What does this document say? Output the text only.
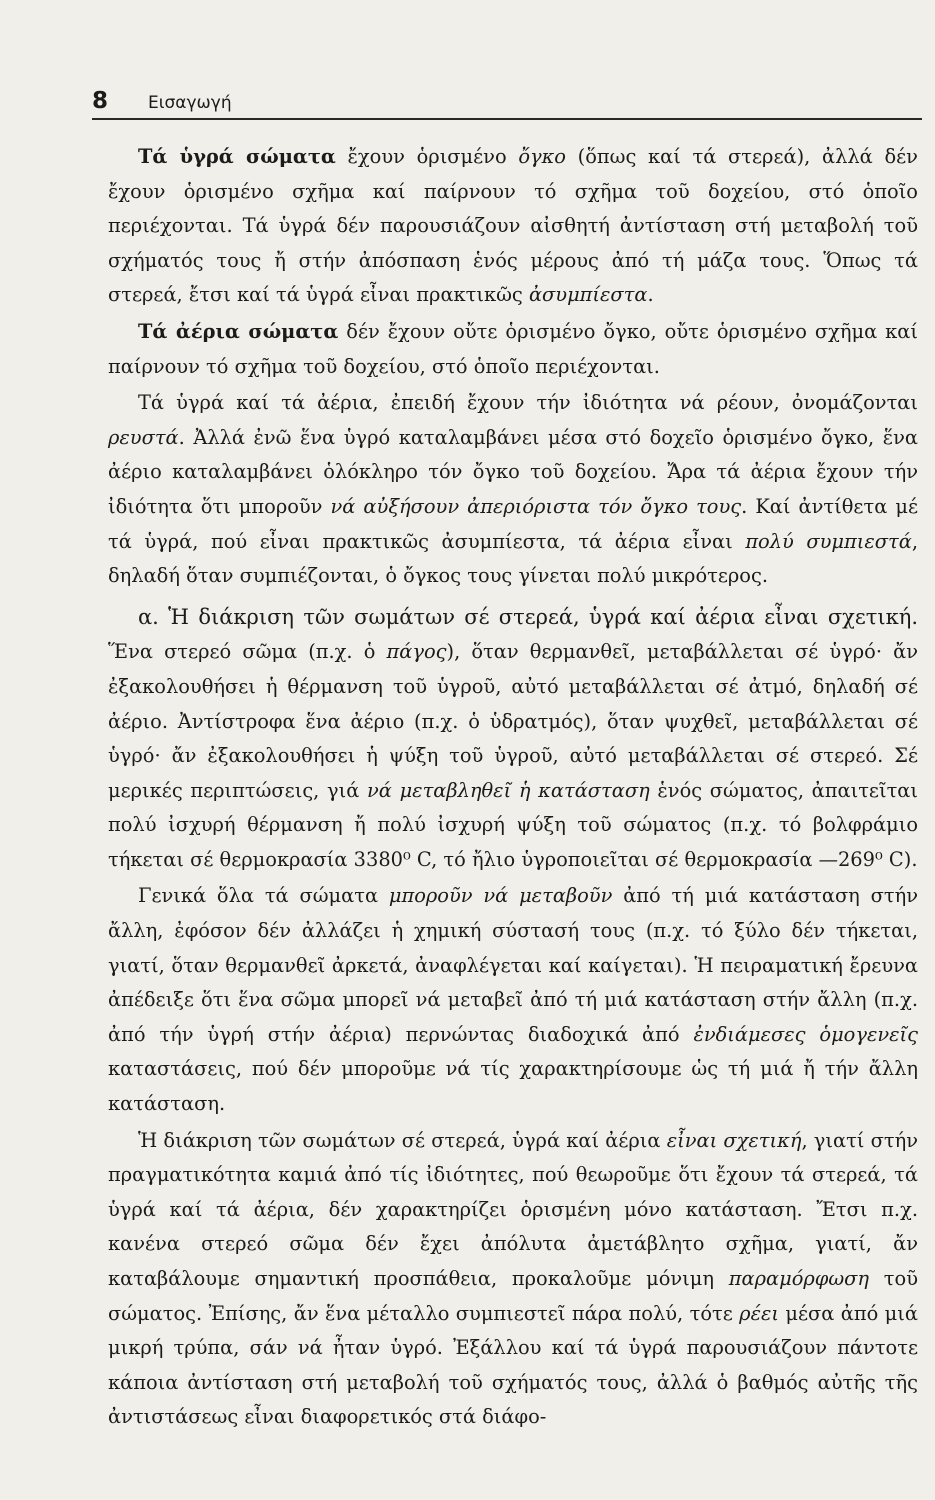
8 Εισαγωγή

Τά ὑγρά σώματα ἔχουν ὁρισμένο ὄγκο (ὅπως καί τά στερεά), ἀλλά δέν ἔχουν ὁρισμένο σχῆμα καί παίρνουν τό σχῆμα τοῦ δοχείου, στό ὁποῖο περιέχονται. Τά ὑγρά δέν παρουσιάζουν αἰσθητή ἀντίσταση στή μεταβολή τοῦ σχήματός τους ἤ στήν ἀπόσπαση ἑνός μέρους ἀπό τή μάζα τους. Ὅπως τά στερεά, ἔτσι καί τά ὑγρά εἶναι πρακτικῶς ἀσυμπίεστα.

Τά ἀέρια σώματα δέν ἔχουν οὔτε ὁρισμένο ὄγκο, οὔτε ὁρισμένο σχῆμα καί παίρνουν τό σχῆμα τοῦ δοχείου, στό ὁποῖο περιέχονται.

Τά ὑγρά καί τά ἀέρια, ἐπειδή ἔχουν τήν ἰδιότητα νά ρέουν, ὀνομάζονται ρευστά. Ἀλλά ἐνῶ ἕνα ὑγρό καταλαμβάνει μέσα στό δοχεῖο ὁρισμένο ὄγκο, ἕνα ἀέριο καταλαμβάνει ὁλόκληρο τόν ὄγκο τοῦ δοχείου. Ἄρα τά ἀέρια ἔχουν τήν ἰδιότητα ὅτι μποροῦν νά αὐξήσουν ἀπεριόριστα τόν ὄγκο τους. Καί ἀντίθετα μέ τά ὑγρά, πού εἶναι πρακτικῶς ἀσυμπίεστα, τά ἀέρια εἶναι πολύ συμπιεστά, δηλαδή ὅταν συμπιέζονται, ὁ ὄγκος τους γίνεται πολύ μικρότερος.

α. Ἡ διάκριση τῶν σωμάτων σέ στερεά, ὑγρά καί ἀέρια εἶναι σχετική. Ἕνα στερεό σῶμα (π.χ. ὁ πάγος), ὅταν θερμανθεῖ, μεταβάλλεται σέ ὑγρό· ἄν ἐξακολουθήσει ἡ θέρμανση τοῦ ὑγροῦ, αὐτό μεταβάλλεται σέ ἀτμό, δηλαδή σέ ἀέριο. Ἀντίστροφα ἕνα ἀέριο (π.χ. ὁ ὑδρατμός), ὅταν ψυχθεῖ, μεταβάλλεται σέ ὑγρό· ἄν ἐξακολουθήσει ἡ ψύξη τοῦ ὑγροῦ, αὐτό μεταβάλλεται σέ στερεό. Σέ μερικές περιπτώσεις, γιά νά μεταβληθεῖ ἡ κατάσταση ἑνός σώματος, ἀπαιτεῖται πολύ ἰσχυρή θέρμανση ἤ πολύ ἰσχυρή ψύξη τοῦ σώματος (π.χ. τό βολφράμιο τήκεται σέ θερμοκρασία 3380⁰ C, τό ἤλιο ὑγροποιεῖται σέ θερμοκρασία —269⁰ C).

Γενικά ὅλα τά σώματα μποροῦν νά μεταβοῦν ἀπό τή μιά κατάσταση στήν ἄλλη, ἐφόσον δέν ἀλλάζει ἡ χημική σύστασή τους (π.χ. τό ξύλο δέν τήκεται, γιατί, ὅταν θερμανθεῖ ἀρκετά, ἀναφλέγεται καί καίγεται). Ἡ πειραματική ἔρευνα ἀπέδειξε ὅτι ἕνα σῶμα μπορεῖ νά μεταβεῖ ἀπό τή μιά κατάσταση στήν ἄλλη (π.χ. ἀπό τήν ὑγρή στήν ἀέρια) περνώντας διαδοχικά ἀπό ἐνδιάμεσες ὁμογενεῖς καταστάσεις, πού δέν μποροῦμε νά τίς χαρακτηρίσουμε ὡς τή μιά ἤ τήν ἄλλη κατάσταση.

Ἡ διάκριση τῶν σωμάτων σέ στερεά, ὑγρά καί ἀέρια εἶναι σχετική, γιατί στήν πραγματικότητα καμιά ἀπό τίς ἰδιότητες, πού θεωροῦμε ὅτι ἔχουν τά στερεά, τά ὑγρά καί τά ἀέρια, δέν χαρακτηρίζει ὁρισμένη μόνο κατάσταση. Ἔτσι π.χ. κανένα στερεό σῶμα δέν ἔχει ἀπόλυτα ἀμετάβλητο σχῆμα, γιατί, ἄν καταβάλουμε σημαντική προσπάθεια, προκαλοῦμε μόνιμη παραμόρφωση τοῦ σώματος. Ἐπίσης, ἄν ἕνα μέταλλο συμπιεστεῖ πάρα πολύ, τότε ρέει μέσα ἀπό μιά μικρή τρύπα, σάν νά ἦταν ὑγρό. Ἐξάλλου καί τά ὑγρά παρουσιάζουν πάντοτε κάποια ἀντίσταση στή μεταβολή τοῦ σχήματός τους, ἀλλά ὁ βαθμός αὐτῆς τῆς ἀντιστάσεως εἶναι διαφορετικός στά διάφο-
